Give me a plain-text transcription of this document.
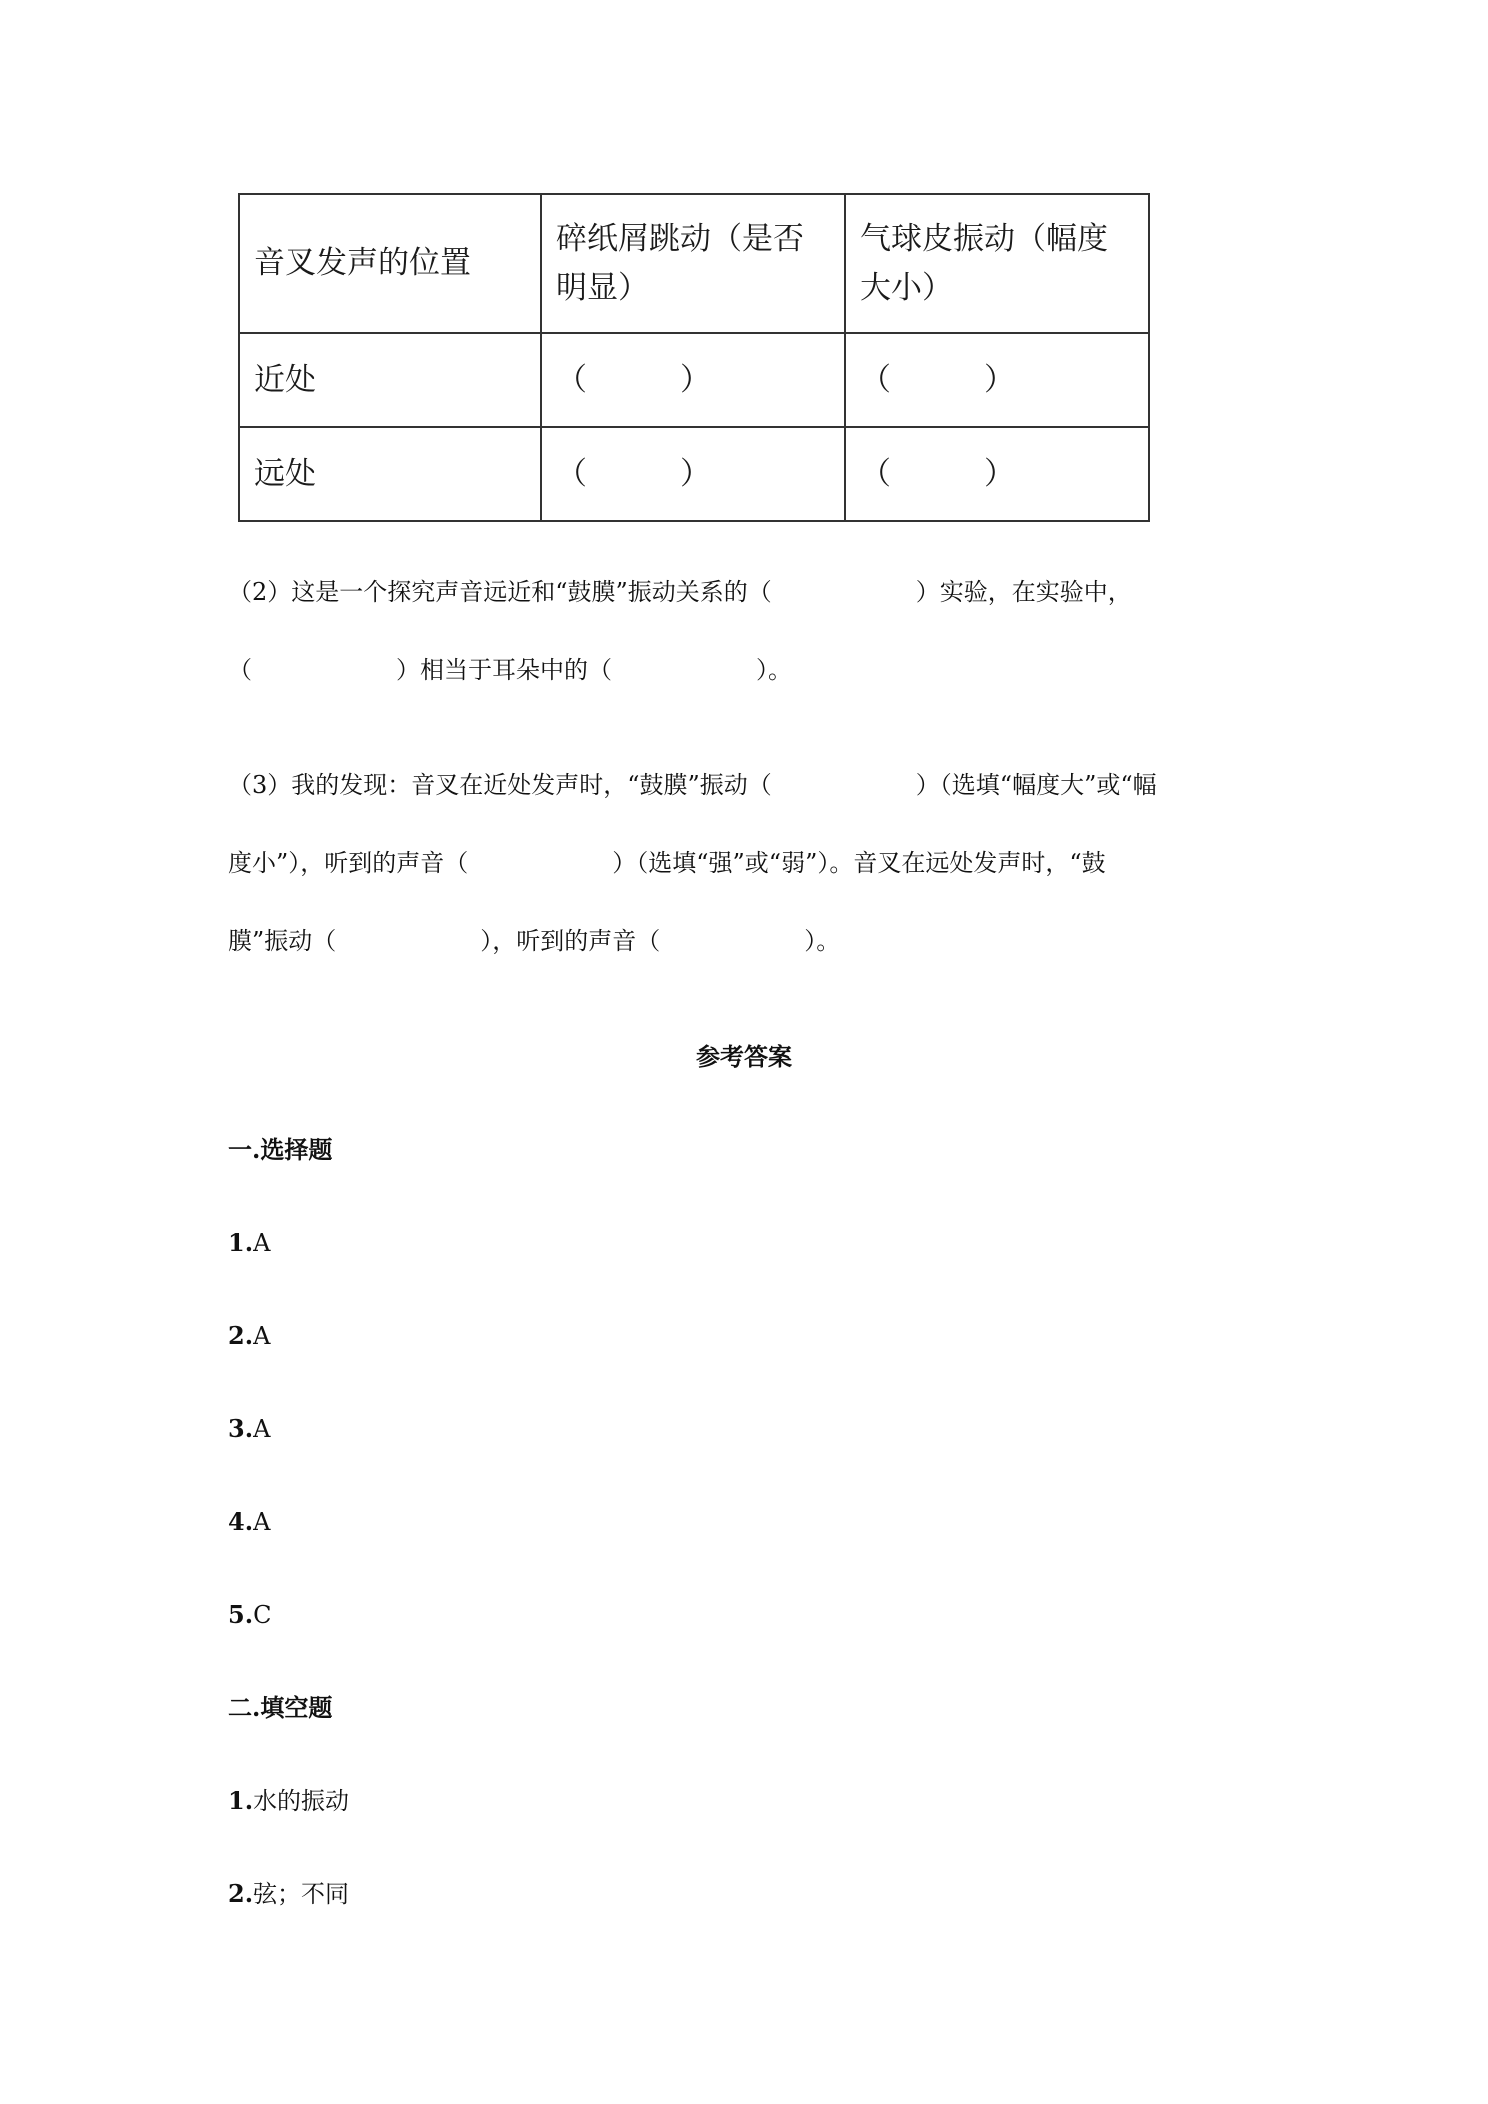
音叉发声的位置	碎纸屑跳动（是否明显）	气球皮振动（幅度大小）
近处	（　　　）	（　　　）
远处	（　　　）	（　　　）
（2）这是一个探究声音远近和“鼓膜”振动关系的（　　　　　　）实验，在实验中，
（　　　　　　）相当于耳朵中的（　　　　　　）。
（3）我的发现：音叉在近处发声时，“鼓膜”振动（　　　　　　）（选填“幅度大”或“幅
度小”），听到的声音（　　　　　　）（选填“强”或“弱”）。音叉在远处发声时，“鼓
膜”振动（　　　　　　），听到的声音（　　　　　　）。
参考答案
一.选择题
1.A
2.A
3.A
4.A
5.C
二.填空题
1.水的振动
2.弦；不同
